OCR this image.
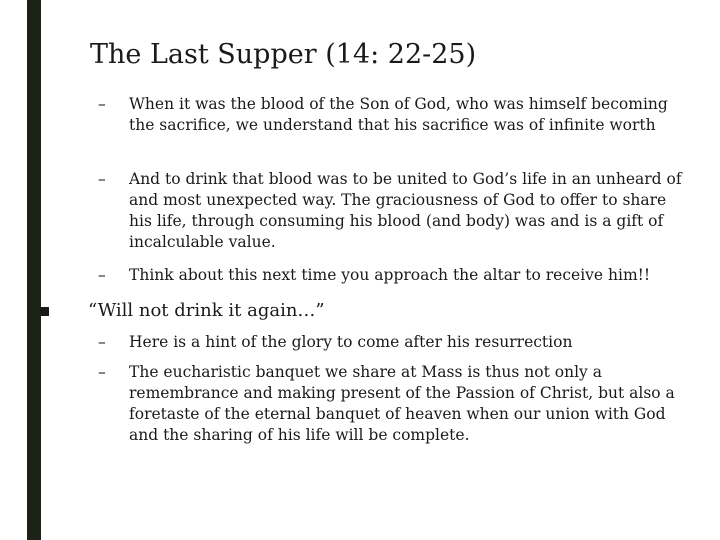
The Last Supper (14: 22-25)
– When it was the blood of the Son of God, who was himself becoming the sacrifice, we understand that his sacrifice was of infinite worth
– And to drink that blood was to be united to God’s life in an unheard of and most unexpected way. The graciousness of God to offer to share his life, through consuming his blood (and body) was and is a gift of incalculable value.
– Think about this next time you approach the altar to receive him!!
“Will not drink it again…”
– Here is a hint of the glory to come after his resurrection
– The eucharistic banquet we share at Mass is thus not only a remembrance and making present of the Passion of Christ, but also a foretaste of the eternal banquet of heaven when our union with God and the sharing of his life will be complete.
